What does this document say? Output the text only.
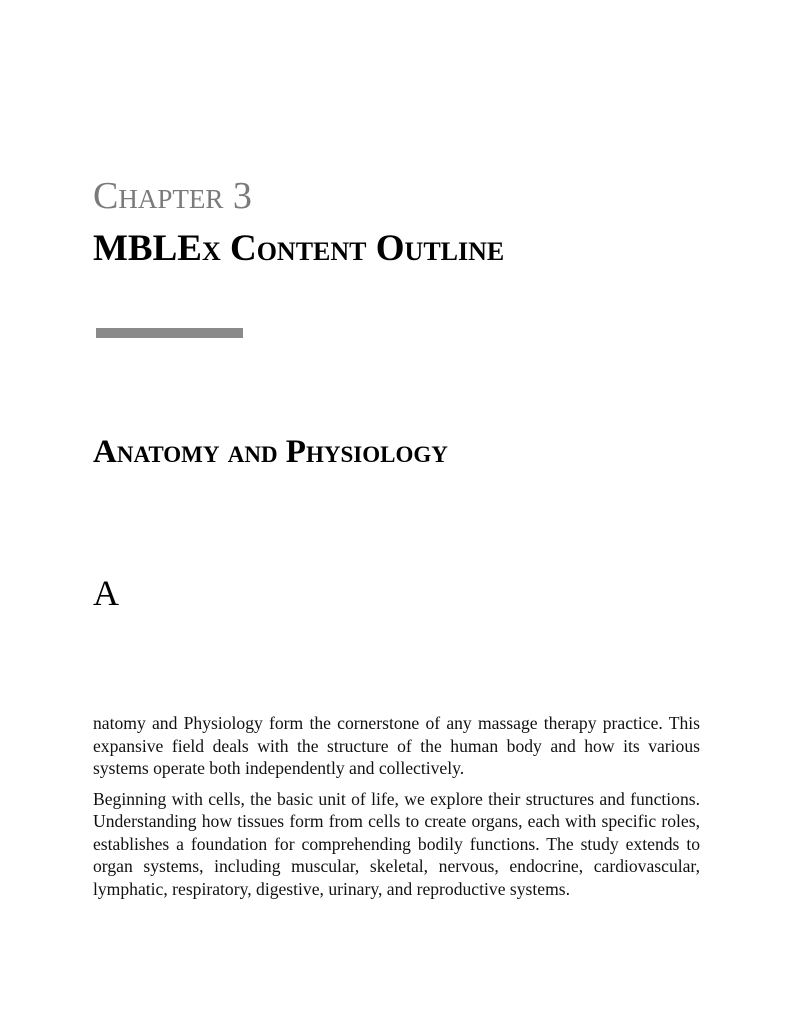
Chapter 3
MBLEx Content Outline
Anatomy and Physiology
A

natomy and Physiology form the cornerstone of any massage therapy practice. This expansive field deals with the structure of the human body and how its various systems operate both independently and collectively.

Beginning with cells, the basic unit of life, we explore their structures and functions. Understanding how tissues form from cells to create organs, each with specific roles, establishes a foundation for comprehending bodily functions. The study extends to organ systems, including muscular, skeletal, nervous, endocrine, cardiovascular, lymphatic, respiratory, digestive, urinary, and reproductive systems.
